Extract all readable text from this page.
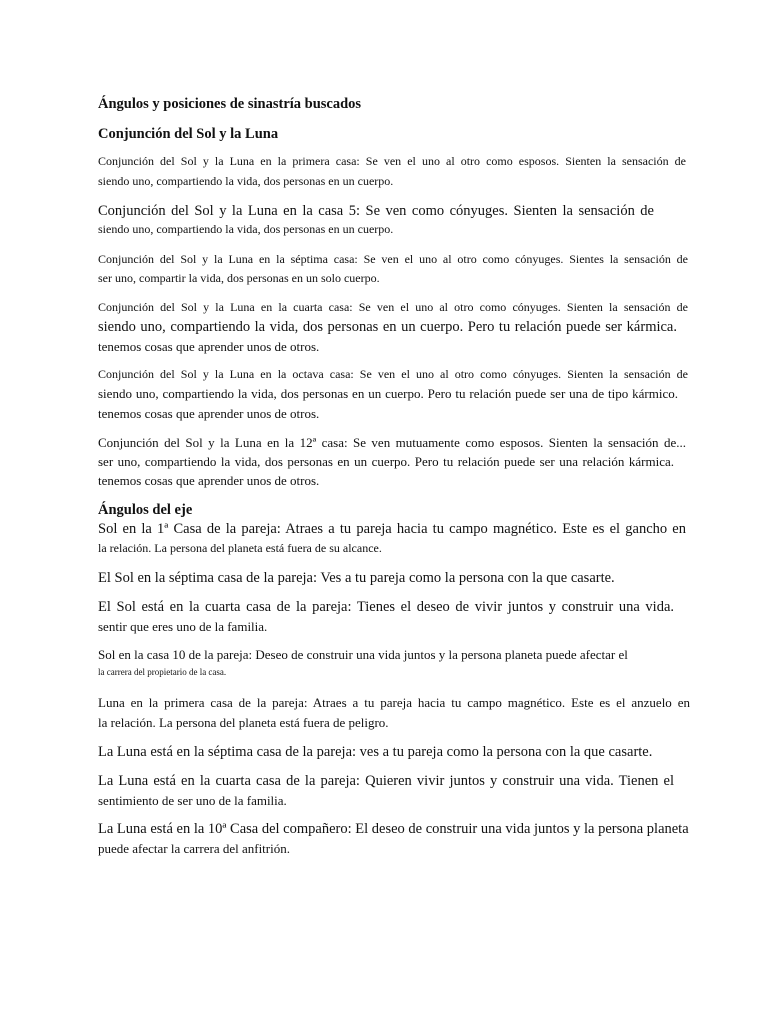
Ángulos y posiciones de sinastría buscados
Conjunción del Sol y la Luna
Conjunción del Sol y la Luna en la primera casa: Se ven el uno al otro como esposos. Sienten la sensación de
siendo uno, compartiendo la vida, dos personas en un cuerpo.
Conjunción del Sol y la Luna en la casa 5: Se ven como cónyuges. Sienten la sensación de
siendo uno, compartiendo la vida, dos personas en un cuerpo.
Conjunción del Sol y la Luna en la séptima casa: Se ven el uno al otro como cónyuges. Sientes la sensación de
ser uno, compartir la vida, dos personas en un solo cuerpo.
Conjunción del Sol y la Luna en la cuarta casa: Se ven el uno al otro como cónyuges. Sienten la sensación de
siendo uno, compartiendo la vida, dos personas en un cuerpo. Pero tu relación puede ser kármica.
tenemos cosas que aprender unos de otros.
Conjunción del Sol y la Luna en la octava casa: Se ven el uno al otro como cónyuges. Sienten la sensación de
siendo uno, compartiendo la vida, dos personas en un cuerpo. Pero tu relación puede ser una de tipo kármico.
tenemos cosas que aprender unos de otros.
Conjunción del Sol y la Luna en la 12ª casa: Se ven mutuamente como esposos. Sienten la sensación de...
ser uno, compartiendo la vida, dos personas en un cuerpo. Pero tu relación puede ser una relación kármica.
tenemos cosas que aprender unos de otros.
Ángulos del eje
Sol en la 1ª Casa de la pareja: Atraes a tu pareja hacia tu campo magnético. Este es el gancho en
la relación. La persona del planeta está fuera de su alcance.
El Sol en la séptima casa de la pareja: Ves a tu pareja como la persona con la que casarte.
El Sol está en la cuarta casa de la pareja: Tienes el deseo de vivir juntos y construir una vida.
sentir que eres uno de la familia.
Sol en la casa 10 de la pareja: Deseo de construir una vida juntos y la persona planeta puede afectar el
la carrera del propietario de la casa.
Luna en la primera casa de la pareja: Atraes a tu pareja hacia tu campo magnético. Este es el anzuelo en
la relación. La persona del planeta está fuera de peligro.
La Luna está en la séptima casa de la pareja: ves a tu pareja como la persona con la que casarte.
La Luna está en la cuarta casa de la pareja: Quieren vivir juntos y construir una vida. Tienen el
sentimiento de ser uno de la familia.
La Luna está en la 10ª Casa del compañero: El deseo de construir una vida juntos y la persona planeta
puede afectar la carrera del anfitrión.
